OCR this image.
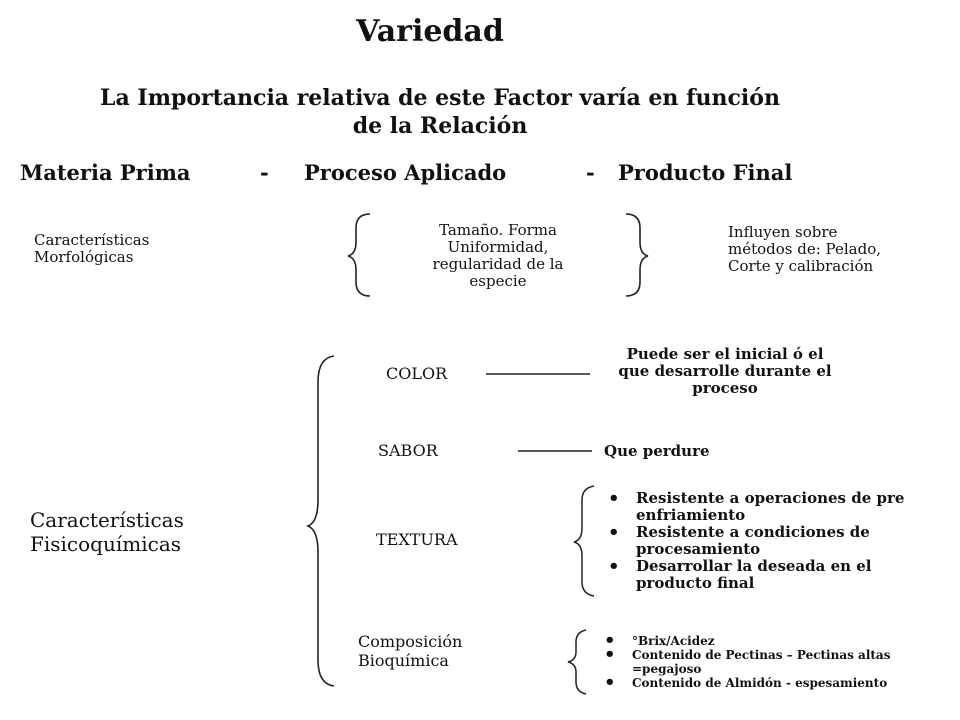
Variedad
La Importancia relativa de este Factor varía en función
de la Relación
Materia Prima	-	Proceso Aplicado	-	Producto Final
Características
Morfológicas
Tamaño. Forma
Uniformidad,
regularidad de la
especie
Influyen sobre
métodos de: Pelado,
Corte y calibración
Características
Fisicoquímicas
COLOR
Puede ser el inicial ó el
que desarrolle durante el
proceso
SABOR	Que perdure
TEXTURA
• Resistente a operaciones de pre
enfriamiento
• Resistente a condiciones de
procesamiento
• Desarrollar la deseada en el
producto final
Composición
Bioquímica
• °Brix/Acidez
• Contenido de Pectinas – Pectinas altas
=pegajoso
• Contenido de Almidón - espesamiento
